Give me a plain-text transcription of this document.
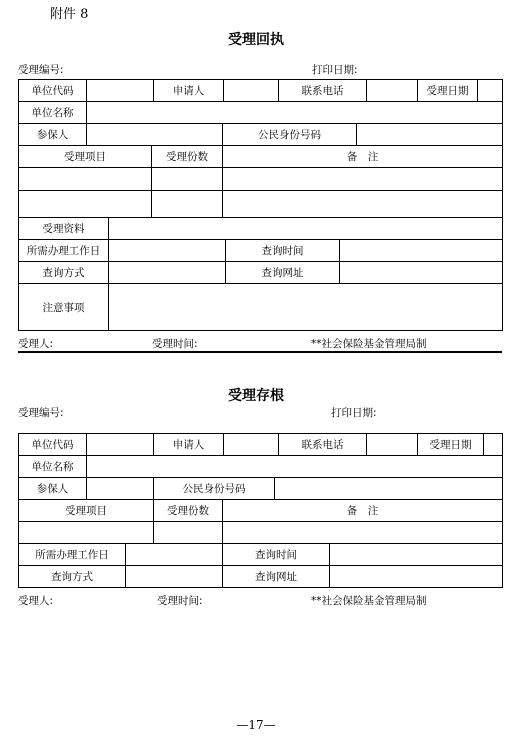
附件 8
受理回执
受理编号:	打印日期:
单位代码		申请人		联系电话		受理日期	
单位名称	
参保人		公民身份号码	
受理项目	受理份数	备　注

受理资料			
所需办理工作日		查询时间	
查询方式		查询网址	
注意事项			
受理人:	受理时间:	**社会保险基金管理局制
受理存根
受理编号:	打印日期:
单位代码		申请人		联系电话		受理日期	
单位名称	
参保人		公民身份号码	
受理项目	受理份数	备　注

所需办理工作日		查询时间	
查询方式		查询网址	
受理人:	受理时间:	**社会保险基金管理局制
—17—
